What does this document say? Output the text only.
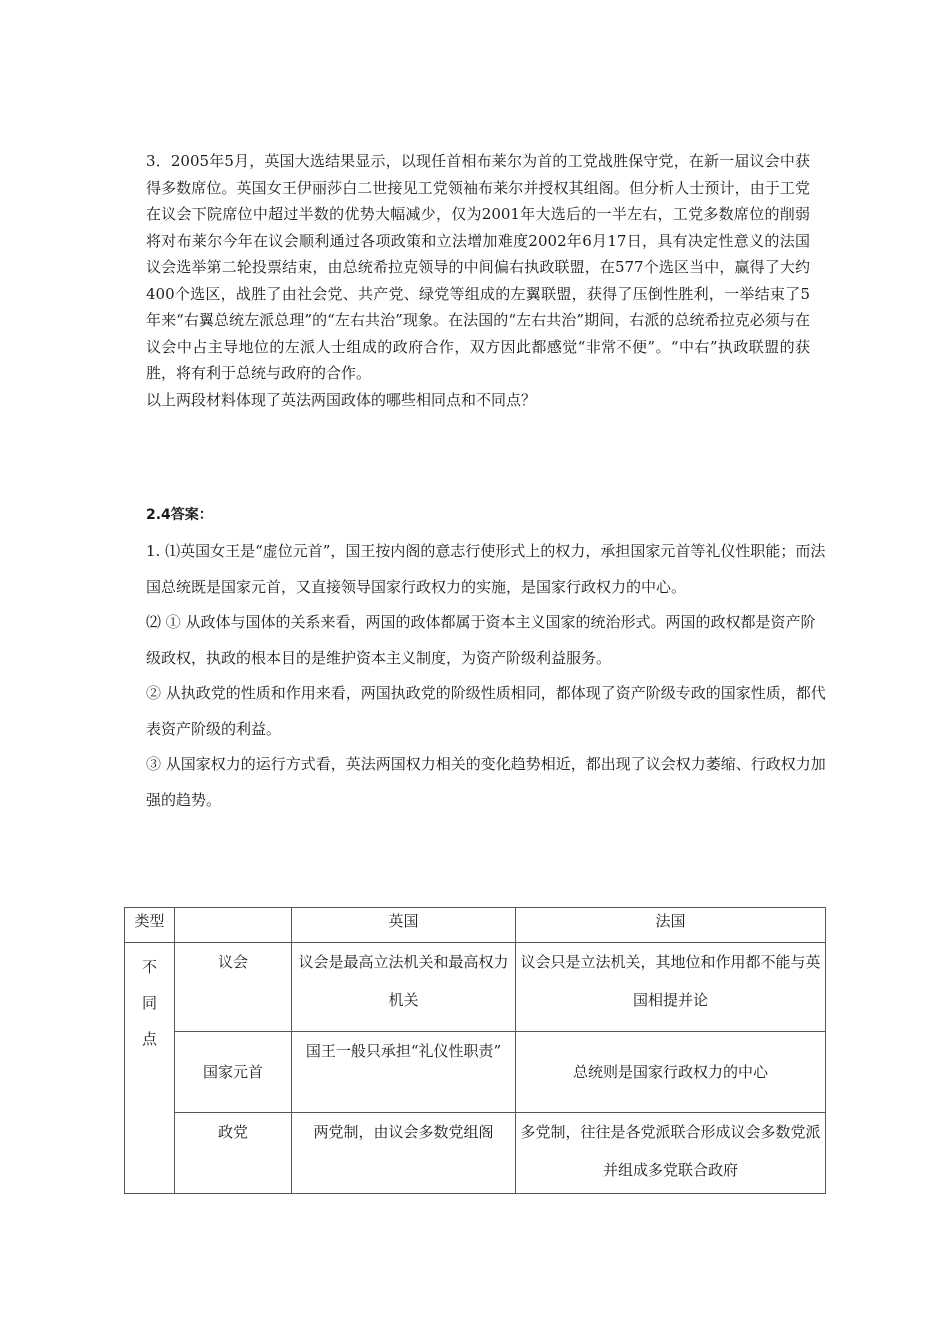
3．2005年5月，英国大选结果显示，以现任首相布莱尔为首的工党战胜保守党，在新一届议会中获得多数席位。英国女王伊丽莎白二世接见工党领袖布莱尔并授权其组阁。但分析人士预计，由于工党在议会下院席位中超过半数的优势大幅减少，仅为2001年大选后的一半左右，工党多数席位的削弱将对布莱尔今年在议会顺利通过各项政策和立法增加难度2002年6月17日，具有决定性意义的法国议会选举第二轮投票结束，由总统希拉克领导的中间偏右执政联盟，在577个选区当中，赢得了大约400个选区，战胜了由社会党、共产党、绿党等组成的左翼联盟，获得了压倒性胜利，一举结束了5年来“右翼总统左派总理”的“左右共治”现象。在法国的“左右共治”期间，右派的总统希拉克必须与在议会中占主导地位的左派人士组成的政府合作，双方因此都感觉“非常不便”。“中右”执政联盟的获胜，将有利于总统与政府的合作。

以上两段材料体现了英法两国政体的哪些相同点和不同点？

2.4答案：

1. ⑴英国女王是“虚位元首”，国王按内阁的意志行使形式上的权力，承担国家元首等礼仪性职能；而法国总统既是国家元首，又直接领导国家行政权力的实施，是国家行政权力的中心。

⑵ ① 从政体与国体的关系来看，两国的政体都属于资本主义国家的统治形式。两国的政权都是资产阶级政权，执政的根本目的是维护资本主义制度，为资产阶级利益服务。

② 从执政党的性质和作用来看，两国执政党的阶级性质相同，都体现了资产阶级专政的国家性质，都代表资产阶级的利益。

③ 从国家权力的运行方式看，英法两国权力相关的变化趋势相近，都出现了议会权力萎缩、行政权力加强的趋势。

类型		英国	法国

不同点	议会	议会是最高立法机关和最高权力机关	议会只是立法机关，其地位和作用都不能与英国相提并论
	国家元首	国王一般只承担“礼仪性职责”	总统则是国家行政权力的中心
	政党	两党制，由议会多数党组阁	多党制，往往是各党派联合形成议会多数党派并组成多党联合政府
